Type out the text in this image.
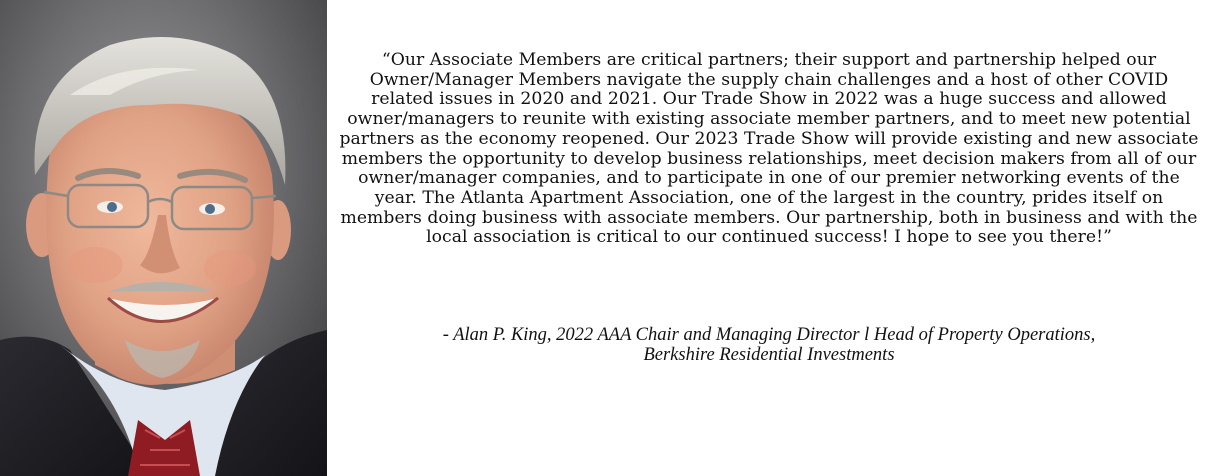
“Our Associate Members are critical partners; their support and partnership helped our Owner/Manager Members navigate the supply chain challenges and a host of other COVID related issues in 2020 and 2021. Our Trade Show in 2022 was a huge success and allowed owner/managers to reunite with existing associate member partners, and to meet new potential partners as the economy reopened. Our 2023 Trade Show will provide existing and new associate members the opportunity to develop business relationships, meet decision makers from all of our owner/manager companies, and to participate in one of our premier networking events of the year. The Atlanta Apartment Association, one of the largest in the country, prides itself on members doing business with associate members. Our partnership, both in business and with the local association is critical to our continued success! I hope to see you there!”

- Alan P. King, 2022 AAA Chair and Managing Director l Head of Property Operations,
Berkshire Residential Investments
